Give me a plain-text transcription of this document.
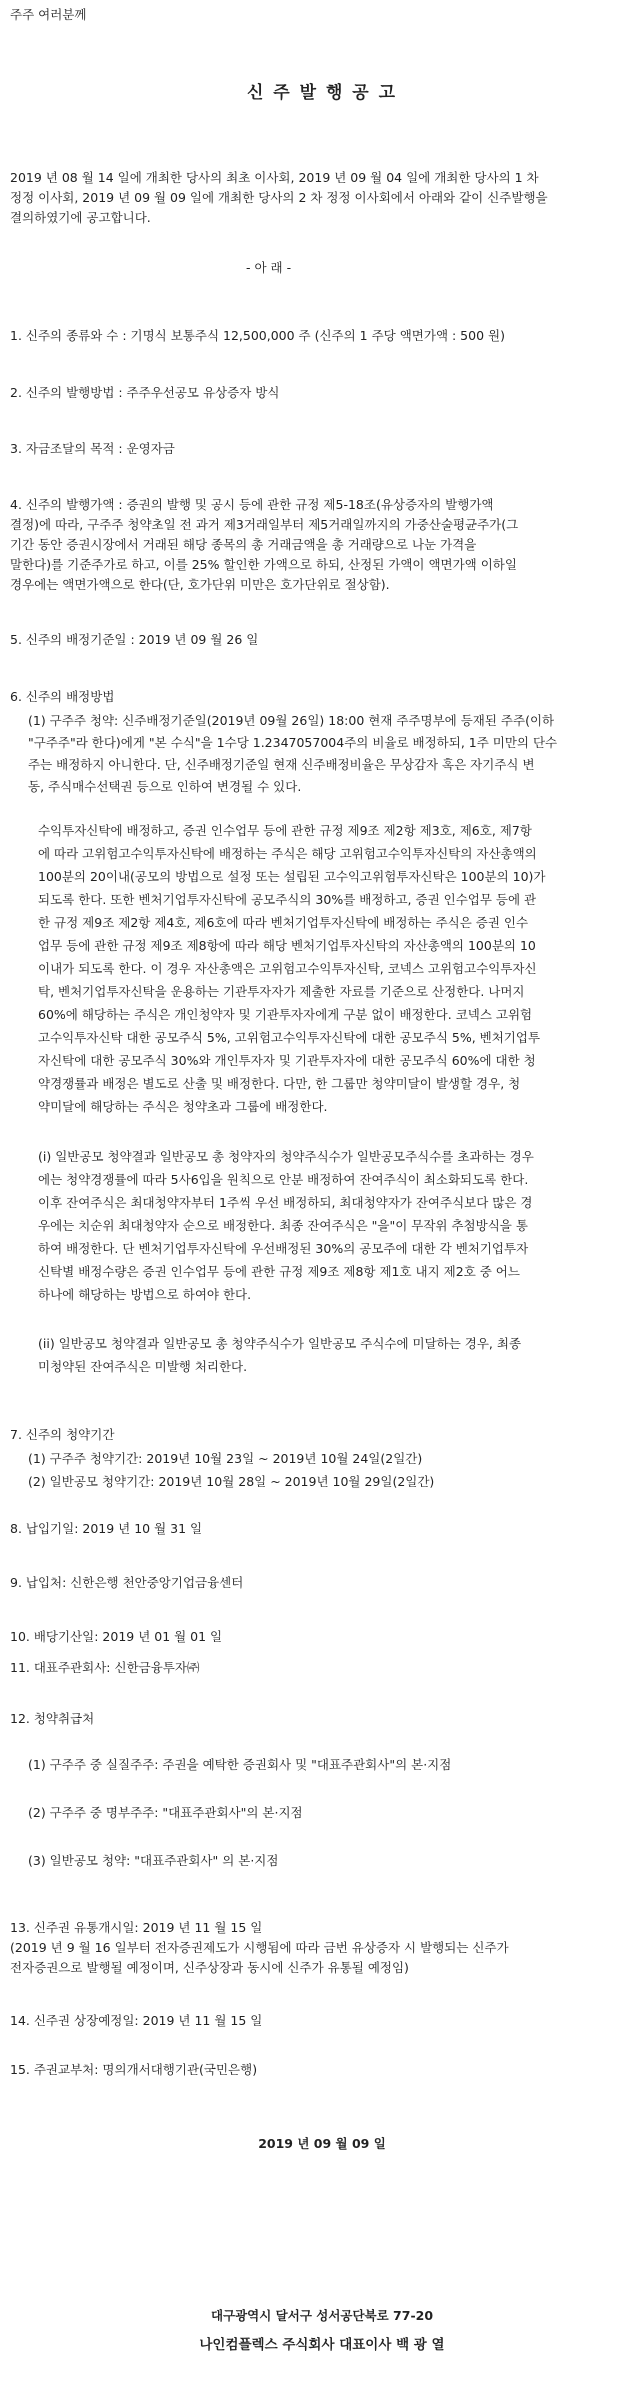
주주 여러분께
신 주 발 행 공 고
2019 년 08 월 14 일에 개최한 당사의 최초 이사회, 2019 년 09 월 04 일에 개최한 당사의 1 차
정정 이사회, 2019 년 09 월 09 일에 개최한 당사의 2 차 정정 이사회에서 아래와 같이 신주발행을
결의하였기에 공고합니다.
- 아 래 -
1. 신주의 종류와 수 : 기명식 보통주식 12,500,000 주 (신주의 1 주당 액면가액 : 500 원)
2. 신주의 발행방법 : 주주우선공모 유상증자 방식
3. 자금조달의 목적 : 운영자금
4. 신주의 발행가액 : 증권의 발행 및 공시 등에 관한 규정 제5-18조(유상증자의 발행가액
결정)에 따라, 구주주 청약초일 전 과거 제3거래일부터 제5거래일까지의 가중산술평균주가(그
기간 동안 증권시장에서 거래된 해당 종목의 총 거래금액을 총 거래량으로 나눈 가격을
말한다)를 기준주가로 하고, 이를 25% 할인한 가액으로 하되, 산정된 가액이 액면가액 이하일
경우에는 액면가액으로 한다(단, 호가단위 미만은 호가단위로 절상함).
5. 신주의 배정기준일 : 2019 년 09 월 26 일
6. 신주의 배정방법
(1) 구주주 청약: 신주배정기준일(2019년 09월 26일) 18:00 현재 주주명부에 등재된 주주(이하
"구주주"라 한다)에게 "본 수식"을 1수당 1.2347057004주의 비율로 배정하되, 1주 미만의 단수
주는 배정하지 아니한다. 단, 신주배정기준일 현재 신주배정비율은 무상감자 혹은 자기주식 변
동, 주식매수선택권 등으로 인하여 변경될 수 있다.
수익투자신탁에 배정하고, 증권 인수업무 등에 관한 규정 제9조 제2항 제3호, 제6호, 제7항
에 따라 고위험고수익투자신탁에 배정하는 주식은 해당 고위험고수익투자신탁의 자산총액의
100분의 20이내(공모의 방법으로 설정 또는 설립된 고수익고위험투자신탁은 100분의 10)가
되도록 한다. 또한 벤처기업투자신탁에 공모주식의 30%를 배정하고, 증권 인수업무 등에 관
한 규정 제9조 제2항 제4호, 제6호에 따라 벤처기업투자신탁에 배정하는 주식은 증권 인수
업무 등에 관한 규정 제9조 제8항에 따라 해당 벤처기업투자신탁의 자산총액의 100분의 10
이내가 되도록 한다. 이 경우 자산총액은 고위험고수익투자신탁, 코넥스 고위험고수익투자신
탁, 벤처기업투자신탁을 운용하는 기관투자자가 제출한 자료를 기준으로 산정한다. 나머지
60%에 해당하는 주식은 개인청약자 및 기관투자자에게 구분 없이 배정한다. 코넥스 고위험
고수익투자신탁 대한 공모주식 5%, 고위험고수익투자신탁에 대한 공모주식 5%, 벤처기업투
자신탁에 대한 공모주식 30%와 개인투자자 및 기관투자자에 대한 공모주식 60%에 대한 청
약경쟁률과 배정은 별도로 산출 및 배정한다. 다만, 한 그룹만 청약미달이 발생할 경우, 청
약미달에 해당하는 주식은 청약초과 그룹에 배정한다.
(i) 일반공모 청약결과 일반공모 총 청약자의 청약주식수가 일반공모주식수를 초과하는 경우
에는 청약경쟁률에 따라 5사6입을 원칙으로 안분 배정하여 잔여주식이 최소화되도록 한다.
이후 잔여주식은 최대청약자부터 1주씩 우선 배정하되, 최대청약자가 잔여주식보다 많은 경
우에는 치순위 최대청약자 순으로 배정한다. 최종 잔여주식은 "을"이 무작위 추첨방식을 통
하여 배정한다. 단 벤처기업투자신탁에 우선배정된 30%의 공모주에 대한 각 벤처기업투자
신탁별 배정수량은 증권 인수업무 등에 관한 규정 제9조 제8항 제1호 내지 제2호 중 어느
하나에 해당하는 방법으로 하여야 한다.
(ii) 일반공모 청약결과 일반공모 총 청약주식수가 일반공모 주식수에 미달하는 경우, 최종
미청약된 잔여주식은 미발행 처리한다.
7. 신주의 청약기간
(1) 구주주 청약기간: 2019년 10월 23일 ~ 2019년 10월 24일(2일간)
(2) 일반공모 청약기간: 2019년 10월 28일 ~ 2019년 10월 29일(2일간)
8. 납입기일: 2019 년 10 월 31 일
9. 납입처: 신한은행 천안중앙기업금융센터
10. 배당기산일: 2019 년 01 월 01 일
11. 대표주관회사: 신한금융투자㈜
12. 청약취급처
(1) 구주주 중 실질주주: 주권을 예탁한 증권회사 및 "대표주관회사"의 본·지점
(2) 구주주 중 명부주주: "대표주관회사"의 본·지점
(3) 일반공모 청약: "대표주관회사" 의 본·지점
13. 신주권 유통개시일: 2019 년 11 월 15 일
(2019 년 9 월 16 일부터 전자증권제도가 시행됨에 따라 금번 유상증자 시 발행되는 신주가
전자증권으로 발행될 예정이며, 신주상장과 동시에 신주가 유통될 예정임)
14. 신주권 상장예정일: 2019 년 11 월 15 일
15. 주권교부처: 명의개서대행기관(국민은행)
2019 년 09 월 09 일
대구광역시 달서구 성서공단북로 77-20
나인컴플렉스 주식회사 대표이사 백 광 열
